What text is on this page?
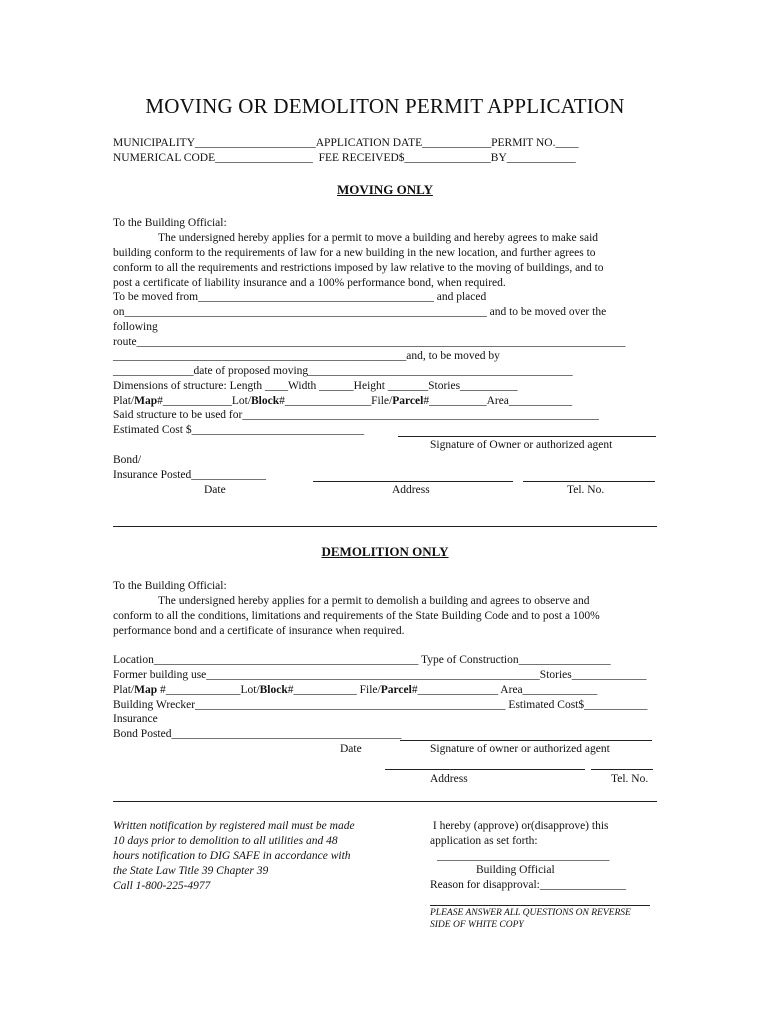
MOVING OR DEMOLITON PERMIT APPLICATION
MUNICIPALITY_____________________APPLICATION DATE____________PERMIT NO.____
NUMERICAL CODE_________________  FEE RECEIVED$_______________BY____________
MOVING ONLY
To the Building Official:
The undersigned hereby applies for a permit to move a building and hereby agrees to make said
building conform to the requirements of law for a new building in the new location, and further agrees to
conform to all the requirements and restrictions imposed by law relative to the moving of buildings, and to
post a certificate of liability insurance and a 100% performance bond, when required.
To be moved from_________________________________________ and placed
on_______________________________________________________________ and to be moved over the
following
route_____________________________________________________________________________________
___________________________________________________and, to be moved by
______________date of proposed moving______________________________________________
Dimensions of structure: Length ____Width ______Height _______Stories__________
Plat/Map#____________Lot/Block#_______________File/Parcel#__________Area___________
Said structure to be used for______________________________________________________________
Estimated Cost $______________________________
Signature of Owner or authorized agent
Bond/
Insurance Posted_____________
Date	Address	Tel. No.
DEMOLITION ONLY
To the Building Official:
The undersigned hereby applies for a permit to demolish a building and agrees to observe and
conform to all the conditions, limitations and requirements of the State Building Code and to post a 100%
performance bond and a certificate of insurance when required.
Location______________________________________________ Type of Construction________________
Former building use__________________________________________________________Stories_____________
Plat/Map #_____________Lot/Block#___________ File/Parcel#______________ Area_____________
Building Wrecker______________________________________________________ Estimated Cost$___________
Insurance
Bond Posted________________________________________
Date	Signature of owner or authorized agent
Address	Tel. No.
Written notification by registered mail must be made
10 days prior to demolition to all utilities and 48
hours notification to DIG SAFE in accordance with
the State Law Title 39 Chapter 39
Call 1-800-225-4977
I hereby (approve) or(disapprove) this
application as set forth:
______________________________
Building Official
Reason for disapproval:_______________
PLEASE ANSWER ALL QUESTIONS ON REVERSE
SIDE OF WHITE COPY
